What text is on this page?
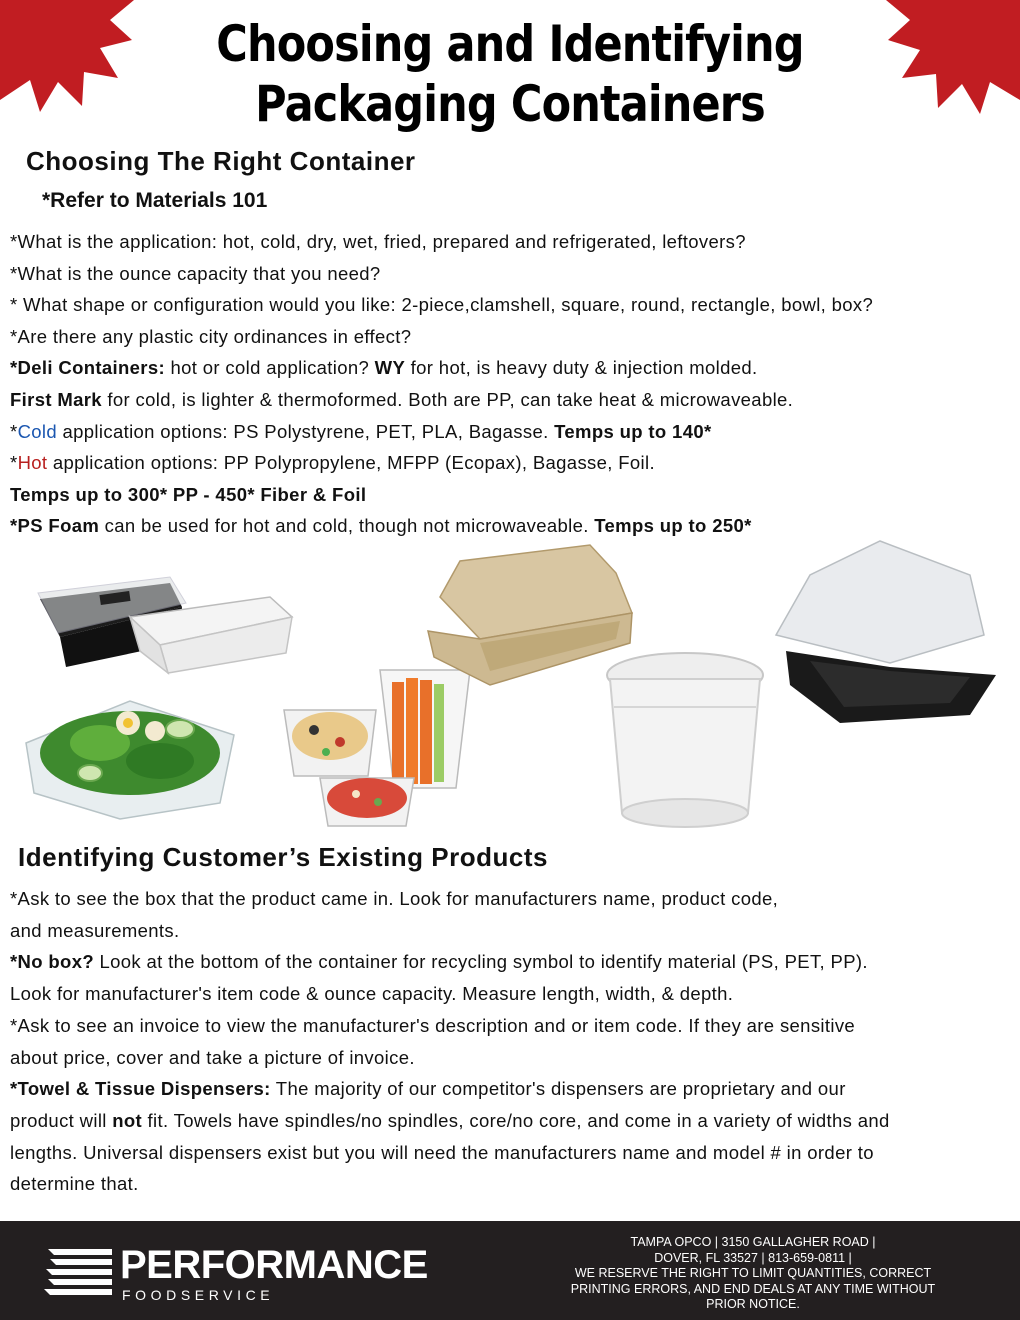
Choosing and Identifying
Packaging Containers
Choosing The Right Container
*Refer to Materials 101
*What is the application: hot, cold, dry, wet, fried, prepared and refrigerated, leftovers?
*What is the ounce capacity that you need?
* What shape or configuration would you like: 2-piece,clamshell, square, round, rectangle, bowl, box?
*Are there any plastic city ordinances in effect?
*Deli Containers: hot or cold application? WY for hot, is heavy duty & injection molded.
First Mark for cold, is lighter & thermoformed. Both are PP, can take heat & microwaveable.
*Cold application options: PS Polystyrene, PET, PLA, Bagasse. Temps up to 140*
*Hot application options: PP Polypropylene, MFPP (Ecopax), Bagasse, Foil.
Temps up to 300* PP - 450* Fiber & Foil
*PS Foam can be used for hot and cold, though not microwaveable. Temps up to 250*
Identifying Customer’s Existing Products
*Ask to see the box that the product came in. Look for manufacturers name, product code,
and measurements.
*No box? Look at the bottom of the container for recycling symbol to identify material (PS, PET, PP).
Look for manufacturer's item code & ounce capacity. Measure length, width, & depth.
*Ask to see an invoice to view the manufacturer's description and or item code. If they are sensitive
about price, cover and take a picture of invoice.
*Towel & Tissue Dispensers: The majority of our competitor's dispensers are proprietary and our
product will not fit. Towels have spindles/no spindles, core/no core, and come in a variety of widths and
lengths. Universal dispensers exist but you will need the manufacturers name and model # in order to
determine that.
PERFORMANCE
FOODSERVICE
TAMPA OPCO | 3150 GALLAGHER ROAD |
DOVER, FL 33527 | 813-659-0811 |
WE RESERVE THE RIGHT TO LIMIT QUANTITIES, CORRECT
PRINTING ERRORS, AND END DEALS AT ANY TIME WITHOUT
PRIOR NOTICE.
